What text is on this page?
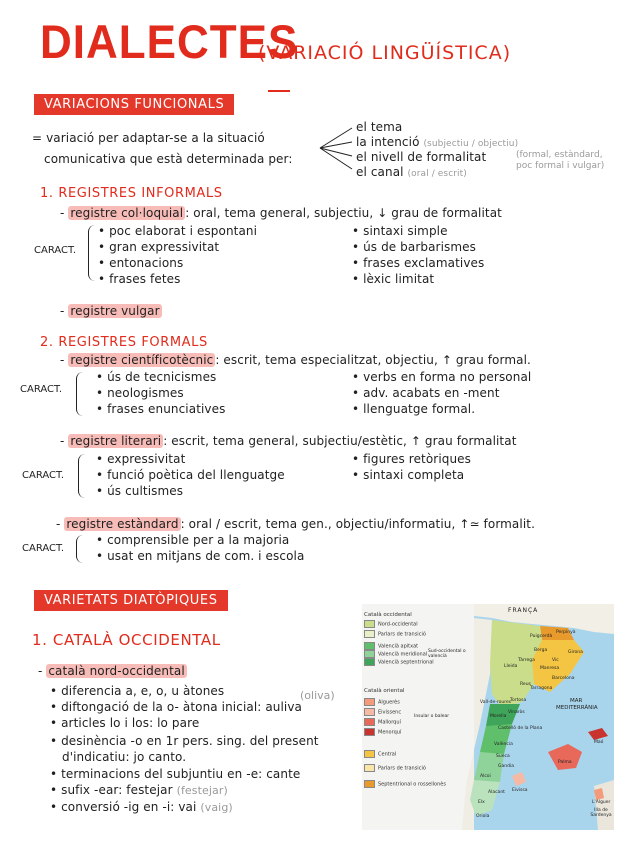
DIALECTES
(VARIACIÓ LINGÜÍSTICA)
VARIACIONS FUNCIONALS
= variació per adaptar-se a la situació
comunicativa que està determinada per:
el tema
la intenció (subjectiu / objectiu)
el nivell de formalitat
el canal (oral / escrit)
(formal, estàndard,
poc formal i vulgar)
1. REGISTRES INFORMALS
- registre col·loquial : oral, tema general, subjectiu, ↓ grau de formalitat
CARACT.
• poc elaborat i espontani
• gran expressivitat
• entonacions
• frases fetes
• sintaxi simple
• ús de barbarismes
• frases exclamatives
• lèxic limitat
- registre vulgar
2. REGISTRES FORMALS
- registre científicotècnic : escrit, tema especialitzat, objectiu, ↑ grau formal.
CARACT.
• ús de tecnicismes
• neologismes
• frases enunciatives
• verbs en forma no personal
• adv. acabats en -ment
• llenguatge formal.
- registre literari : escrit, tema general, subjectiu/estètic, ↑ grau formalitat
CARACT.
• expressivitat
• funció poètica del llenguatge
• ús cultismes
• figures retòriques
• sintaxi completa
- registre estàndard : oral / escrit, tema gen., objectiu/informatiu, ↑≃ formalit.
CARACT.
• comprensible per a la majoria
• usat en mitjans de com. i escola
VARIETATS DIATÒPIQUES
1. CATALÀ OCCIDENTAL
- català nord-occidental
• diferencia a, e, o, u àtones	(oliva)
• diftongació de la o- àtona inicial: auliva
• articles lo i los: lo pare
• desinència -o en 1r pers. sing. del present
d'indicatiu: jo canto.
• terminacions del subjuntiu en -e: cante
• sufix -ear: festejar (festejar)
• conversió -ig en -i: vai (vaig)
Català occidental
Nord-occidental
Parlars de transició
Valencià apitxat
Valencià meridional
Valencià septentrional
Sud-occidental o valencià
Català oriental
Alguerès
Eivissenc
Mallorquí
Menorquí
Insular o balear
Central
Parlars de transició
Septentrional o rossellonès
FRANÇA
MAR
MEDITERRÀNIA
Perpinyà
Puigcerdà
Girona
Berga
Vic
Lleida
Tàrrega
Manresa
Barcelona
Tarragona
Reus
Tortosa
Vinaròs
Castelló de la Plana
València
Sueca
Gandia
Alcoi
Alacant
Elx
Oriola
Maó
Palma
Eivissa
Vall-de-roures
Morella
L'Alguer
Illa de Sardenya
